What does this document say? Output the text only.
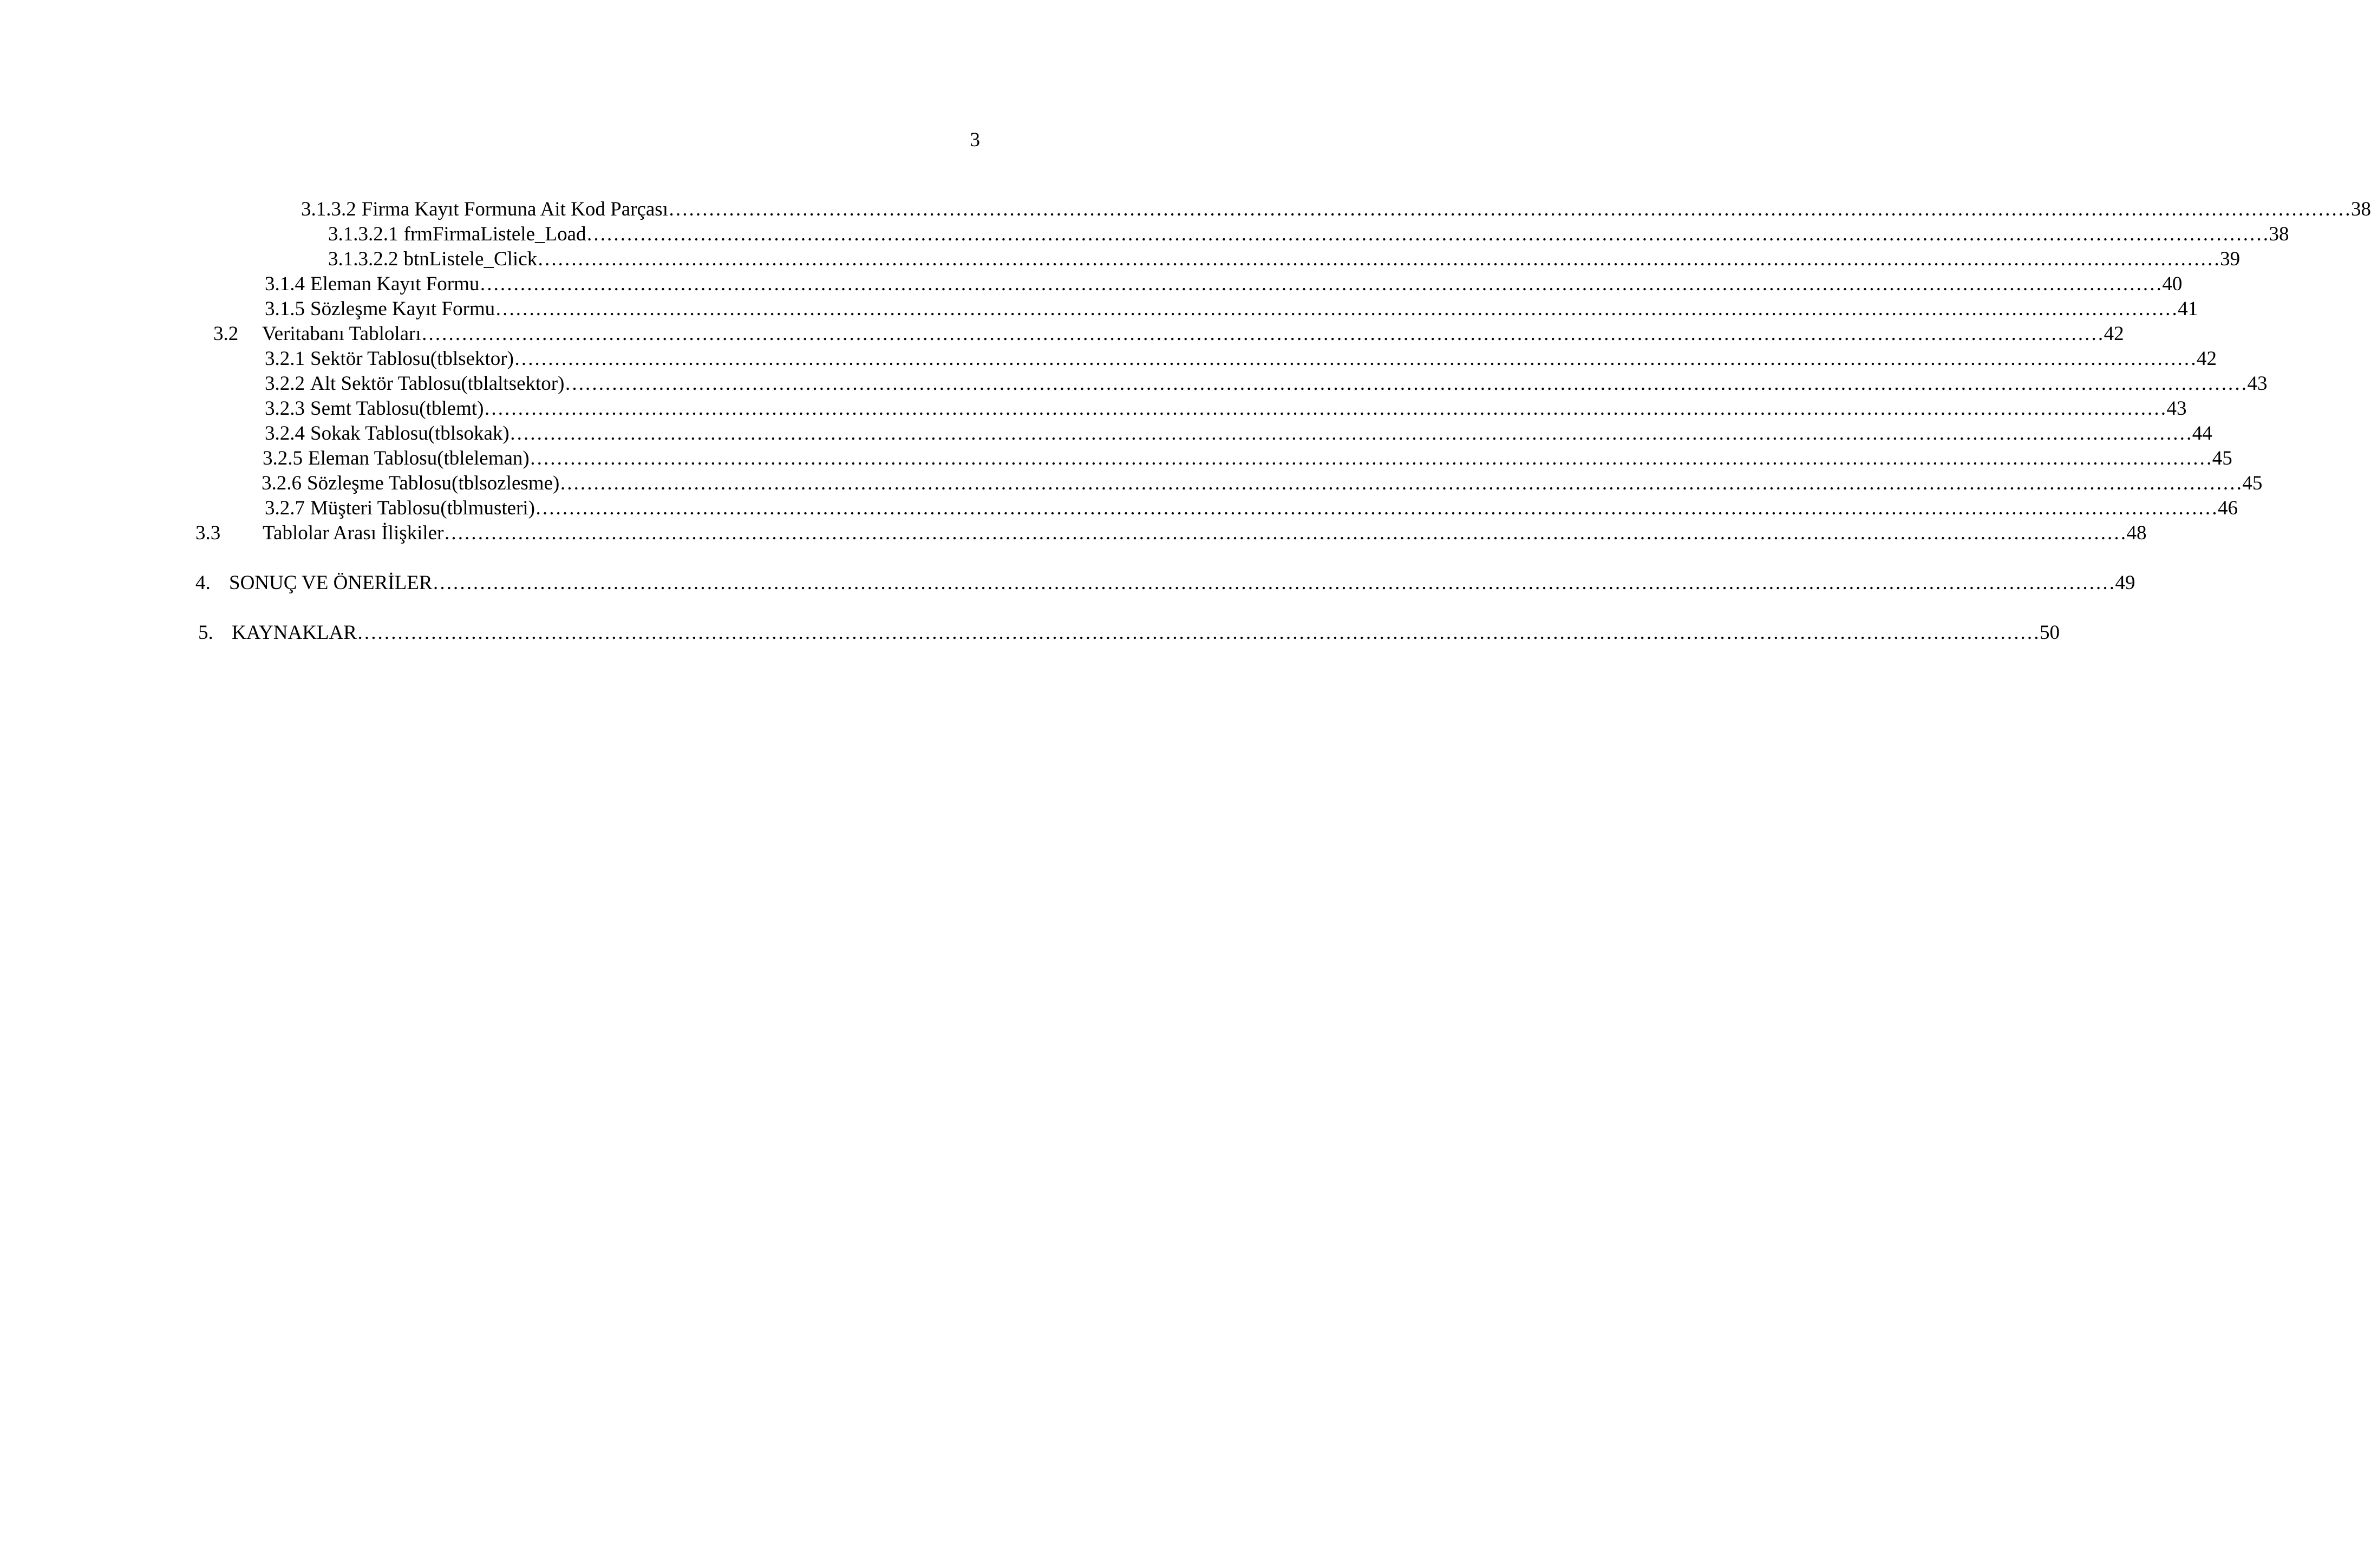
3
3.1.3.2 Firma Kayıt Formuna Ait Kod Parçası ……………………………………………………………………………………………………………………………………………………………………………………………………………………………… 38
3.1.3.2.1 frmFirmaListele_Load ……………………………………………………………………………………………………………………………………………………………………………………………………………………………… 38
3.1.3.2.2 btnListele_Click ……………………………………………………………………………………………………………………………………………………………………………………………………………………………… 39
3.1.4 Eleman Kayıt Formu ……………………………………………………………………………………………………………………………………………………………………………………………………………………………… 40
3.1.5 Sözleşme Kayıt Formu ……………………………………………………………………………………………………………………………………………………………………………………………………………………………… 41
3.2	Veritabanı Tabloları ……………………………………………………………………………………………………………………………………………………………………………………………………………………………… 42
3.2.1 Sektör Tablosu(tblsektor) ……………………………………………………………………………………………………………………………………………………………………………………………………………………………… 42
3.2.2 Alt Sektör Tablosu(tblaltsektor) ……………………………………………………………………………………………………………………………………………………………………………………………………………………………… 43
3.2.3 Semt Tablosu(tblemt) ……………………………………………………………………………………………………………………………………………………………………………………………………………………………… 43
3.2.4 Sokak Tablosu(tblsokak) ……………………………………………………………………………………………………………………………………………………………………………………………………………………………… 44
3.2.5 Eleman Tablosu(tbleleman) ……………………………………………………………………………………………………………………………………………………………………………………………………………………………… 45
3.2.6 Sözleşme Tablosu(tblsozlesme) ……………………………………………………………………………………………………………………………………………………………………………………………………………………………… 45
3.2.7 Müşteri Tablosu(tblmusteri) ……………………………………………………………………………………………………………………………………………………………………………………………………………………………… 46
3.3	Tablolar Arası İlişkiler ……………………………………………………………………………………………………………………………………………………………………………………………………………………………… 48
4. SONUÇ VE ÖNERİLER ……………………………………………………………………………………………………………………………………………………………………………………………………………………………… 49
5. KAYNAKLAR ……………………………………………………………………………………………………………………………………………………………………………………………………………………………… 50
